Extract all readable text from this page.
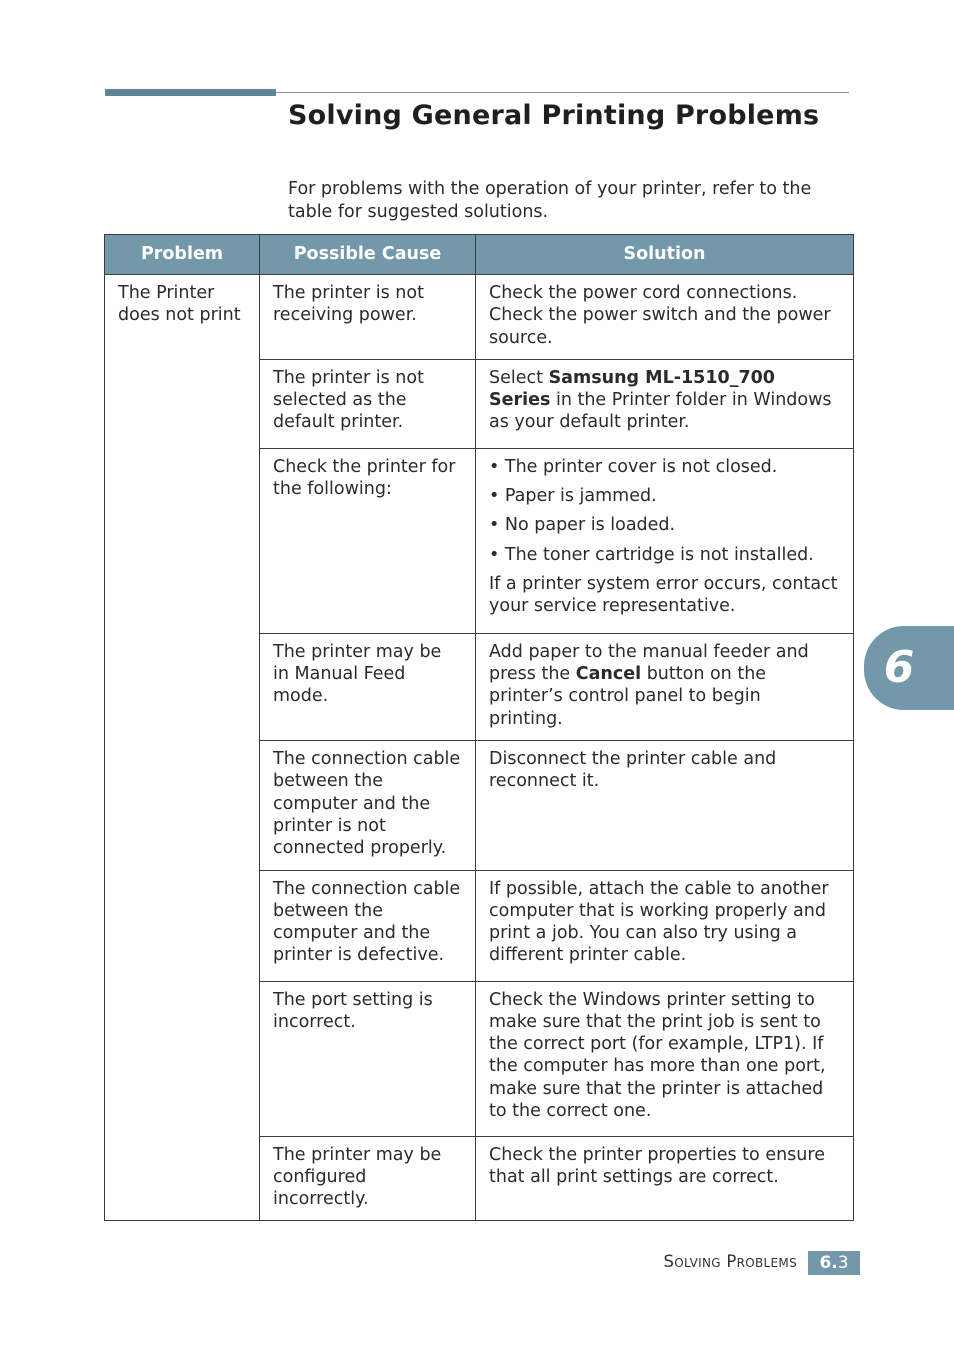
Solving General Printing Problems

For problems with the operation of your printer, refer to the table for suggested solutions.

Problem	Possible Cause	Solution

The Printer does not print	The printer is not receiving power.	Check the power cord connections. Check the power switch and the power source.

	The printer is not selected as the default printer.	Select Samsung ML-1510_700 Series in the Printer folder in Windows as your default printer.

	Check the printer for the following:	• The printer cover is not closed.

• Paper is jammed.

• No paper is loaded.

• The toner cartridge is not installed.

If a printer system error occurs, contact your service representative.

	The printer may be in Manual Feed mode.	Add paper to the manual feeder and press the Cancel button on the printer’s control panel to begin printing.

	The connection cable between the computer and the printer is not connected properly.	Disconnect the printer cable and reconnect it.

	The connection cable between the computer and the printer is defective.	If possible, attach the cable to another computer that is working properly and print a job. You can also try using a different printer cable.

	The port setting is incorrect.	Check the Windows printer setting to make sure that the print job is sent to the correct port (for example, LTP1). If the computer has more than one port, make sure that the printer is attached to the correct one.

	The printer may be configured incorrectly.	Check the printer properties to ensure that all print settings are correct.

6
Solving Problems	6.3
